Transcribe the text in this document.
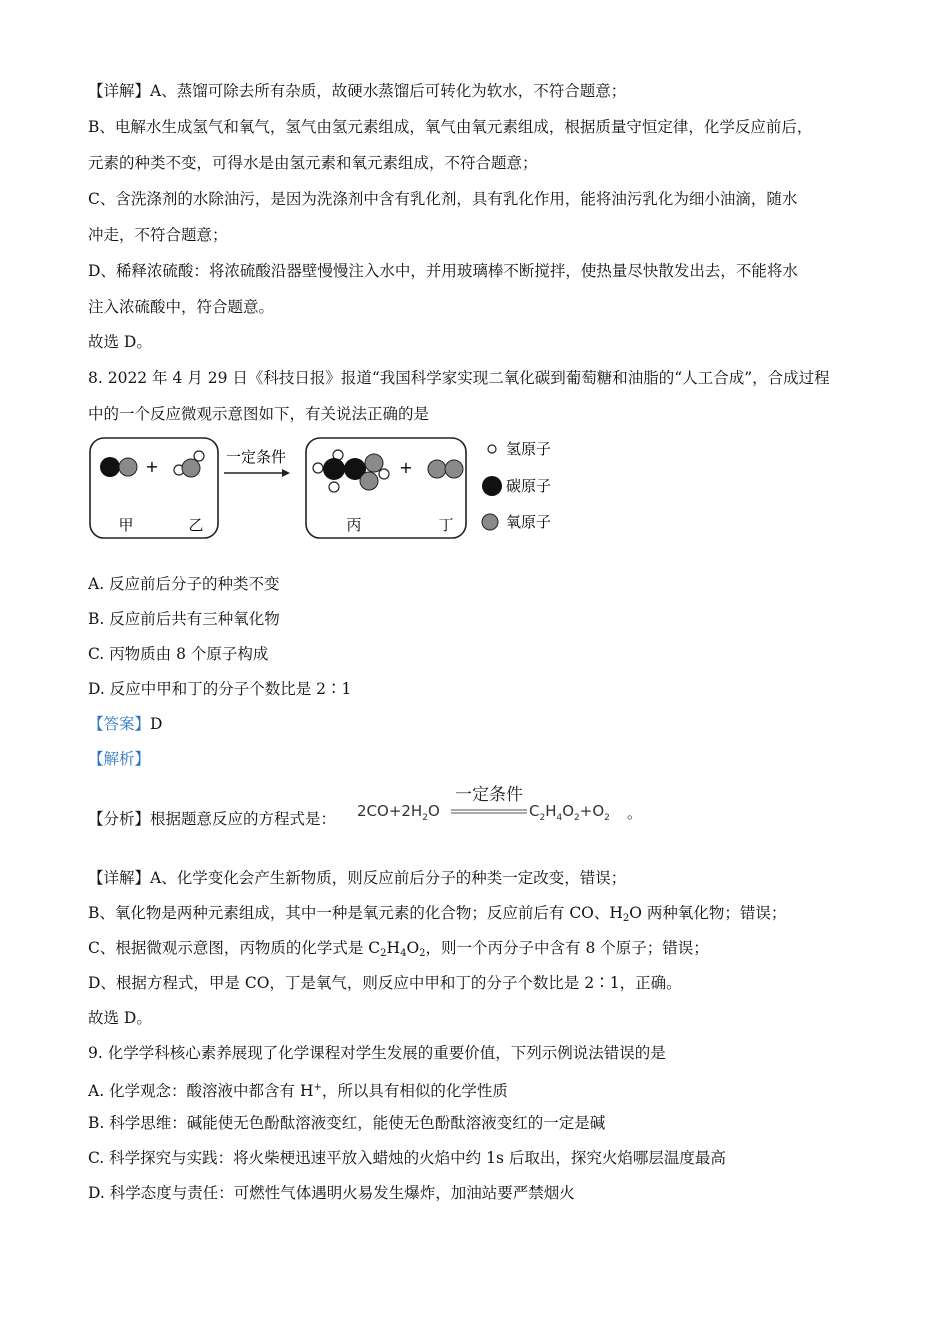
【详解】A、蒸馏可除去所有杂质，故硬水蒸馏后可转化为软水，不符合题意；
B、电解水生成氢气和氧气，氢气由氢元素组成，氧气由氧元素组成，根据质量守恒定律，化学反应前后，
元素的种类不变，可得水是由氢元素和氧元素组成，不符合题意；
C、含洗涤剂的水除油污，是因为洗涤剂中含有乳化剂，具有乳化作用，能将油污乳化为细小油滴，随水
冲走，不符合题意；
D、稀释浓硫酸：将浓硫酸沿器壁慢慢注入水中，并用玻璃棒不断搅拌，使热量尽快散发出去，不能将水
注入浓硫酸中，符合题意。
故选 D。
8. 2022 年 4 月 29 日《科技日报》报道“我国科学家实现二氧化碳到葡萄糖和油脂的“人工合成”，合成过程
中的一个反应微观示意图如下，有关说法正确的是
+
甲	乙
一定条件
+
丙	丁
氢原子
碳原子
氧原子
A. 反应前后分子的种类不变
B. 反应前后共有三种氧化物
C. 丙物质由 8 个原子构成
D. 反应中甲和丁的分子个数比是 2∶1
【答案】D
【解析】
【分析】根据题意反应的方程式是： $2CO+2H_2O$
一定条件
$C_2H_4O_2+O_2$ 。
【详解】A、化学变化会产生新物质，则反应前后分子的种类一定改变，错误；
B、氧化物是两种元素组成，其中一种是氧元素的化合物；反应前后有 CO、$H_2O$ 两种氧化物；错误；
C、根据微观示意图，丙物质的化学式是 $C_2H_4O_2$，则一个丙分子中含有 8 个原子；错误；
D、根据方程式，甲是 CO，丁是氧气，则反应中甲和丁的分子个数比是 2∶1，正确。
故选 D。
9. 化学学科核心素养展现了化学课程对学生发展的重要价值，下列示例说法错误的是
A. 化学观念：酸溶液中都含有 H+，所以具有相似的化学性质
B. 科学思维：碱能使无色酚酞溶液变红，能使无色酚酞溶液变红的一定是碱
C. 科学探究与实践：将火柴梗迅速平放入蜡烛的火焰中约 1s 后取出，探究火焰哪层温度最高
D. 科学态度与责任：可燃性气体遇明火易发生爆炸，加油站要严禁烟火
